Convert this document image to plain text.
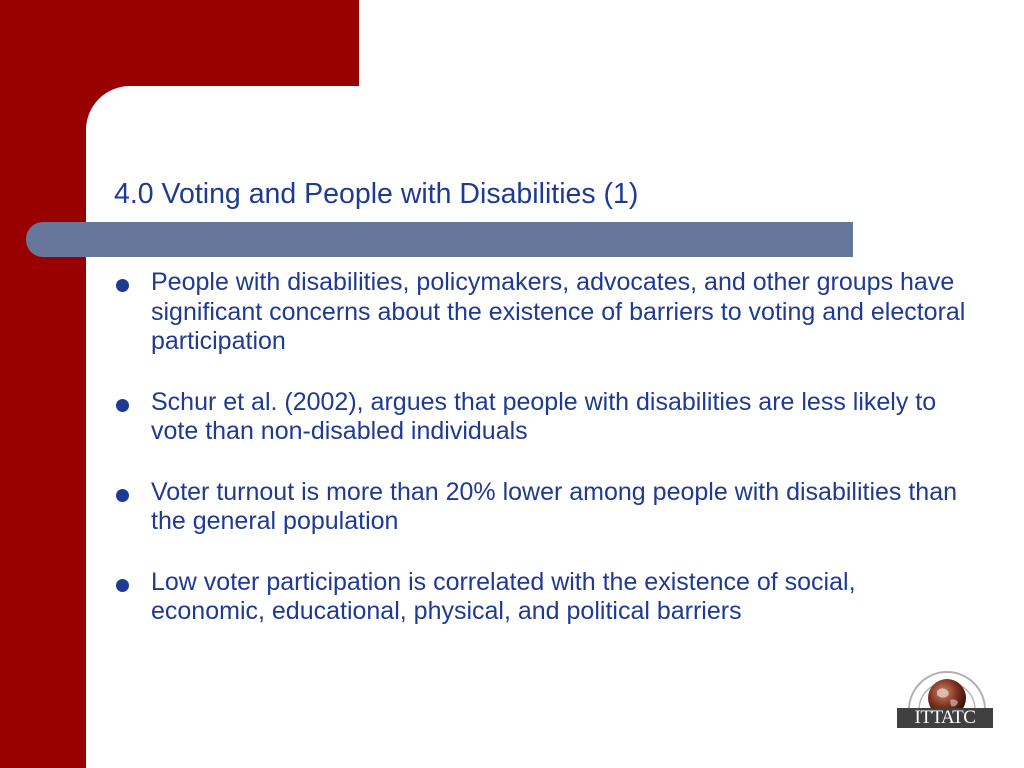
4.0 Voting and People with Disabilities (1)
People with disabilities, policymakers, advocates, and other groups have significant concerns about the existence of barriers to voting and electoral participation
Schur et al. (2002), argues that people with disabilities are less likely to vote than non-disabled individuals
Voter turnout is more than 20% lower among people with disabilities than the general population
Low voter participation is correlated with the existence of social, economic, educational, physical, and political barriers
ITTATC
